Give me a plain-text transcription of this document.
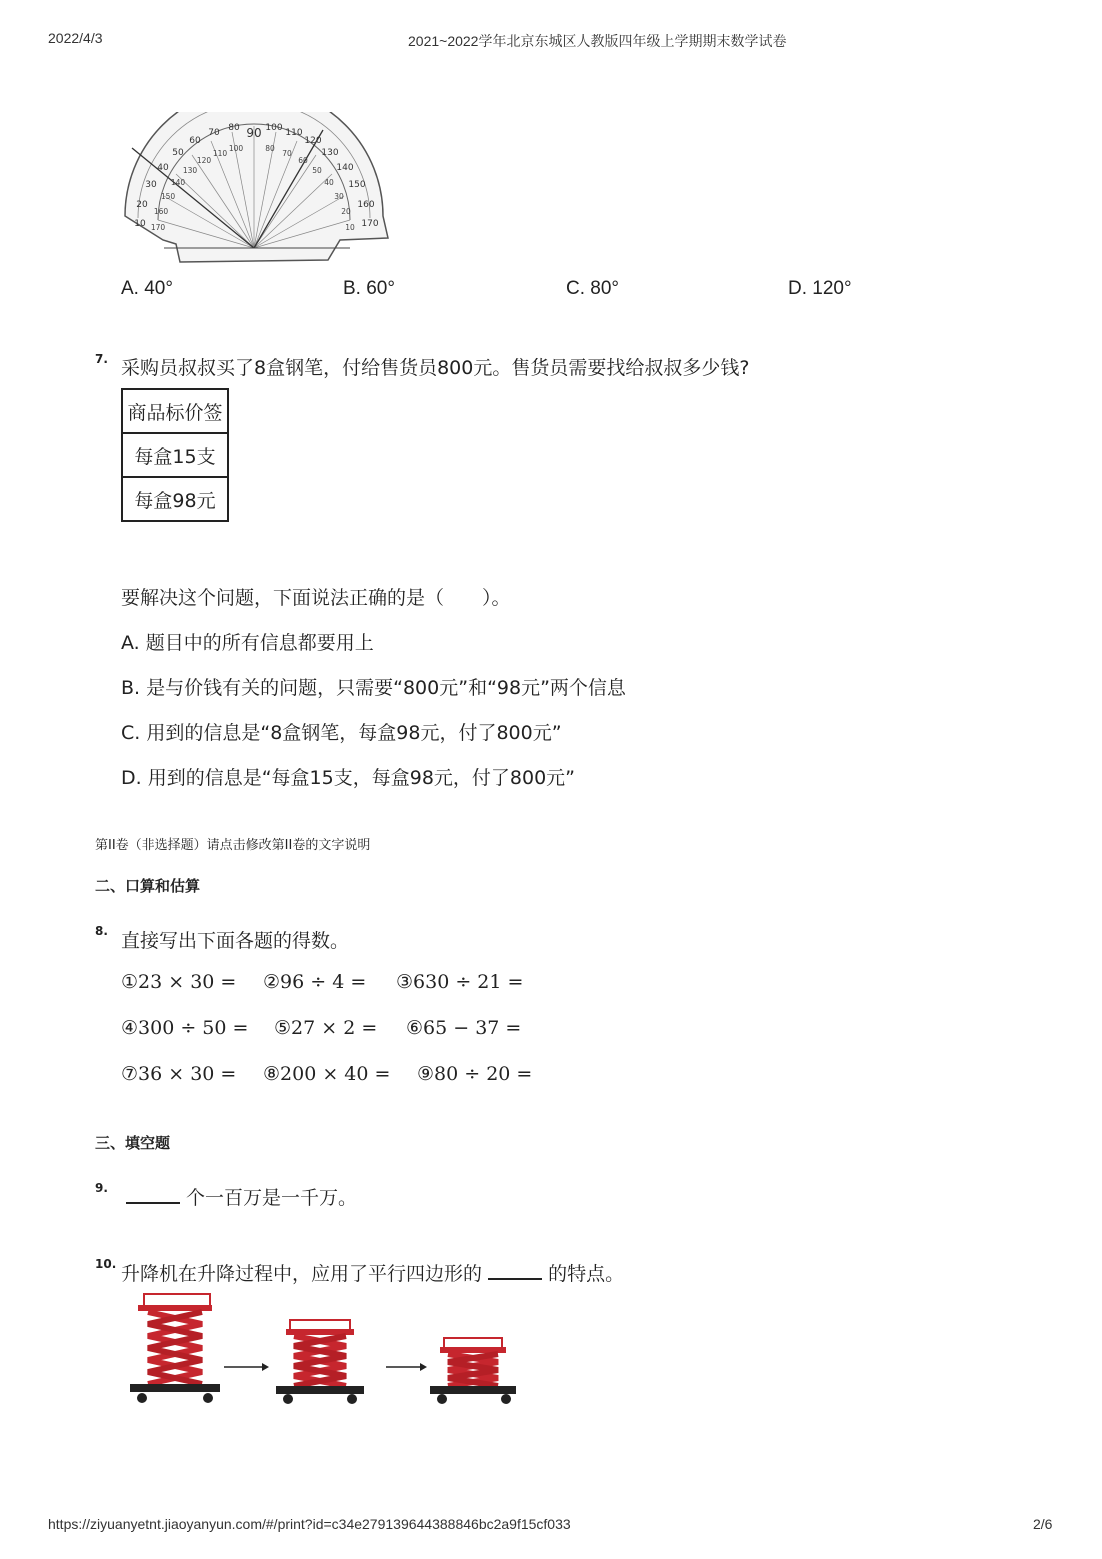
2022/4/3	2021~2022学年北京东城区人教版四年级上学期期末数学试卷
10
20
30
40
50
60
70 80 90 100 110
120
130
140
150
160
170
170
160
150
140
130
120
110
100	80
70
60
50
40
30
20
10
A. 40°	B. 60°	C. 80°	D. 120°
7. 采购员叔叔买了8盒钢笔，付给售货员800元。售货员需要找给叔叔多少钱?
商品标价签
每盒15支
每盒98元
要解决这个问题，下面说法正确的是（　　）。
A. 题目中的所有信息都要用上
B. 是与价钱有关的问题，只需要“800元”和“98元”两个信息
C. 用到的信息是“8盒钢笔，每盒98元，付了800元”
D. 用到的信息是“每盒15支，每盒98元，付了800元”
第II卷（非选择题）请点击修改第II卷的文字说明
二、口算和估算
8. 直接写出下面各题的得数。
①23 × 30 = ②96 ÷ 4 = ③630 ÷ 21 =
④300 ÷ 50 = ⑤27 × 2 = ⑥65 − 37 =
⑦36 × 30 = ⑧200 × 40 = ⑨80 ÷ 20 =
三、填空题
9.	个一百万是一千万。
10. 升降机在升降过程中，应用了平行四边形的	的特点。
https://ziyuanyetnt.jiaoyanyun.com/#/print?id=c34e279139644388846bc2a9f15cf033	2/6
